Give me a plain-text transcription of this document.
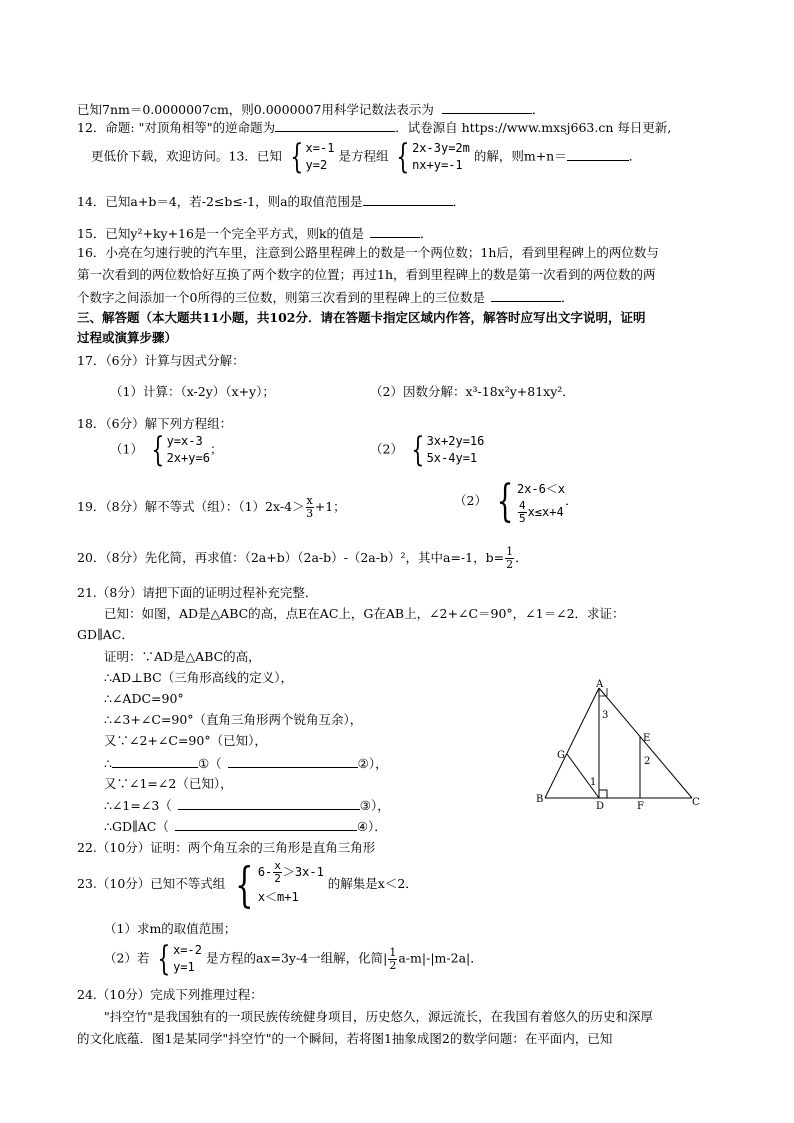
已知7nm＝0.0000007cm，则0.0000007用科学记数法表示为	．
12．命题: "对顶角相等"的逆命题为	．试卷源自 https://www.mxsj663.cn 每日更新,
更低价下载，欢迎访问。13．已知 { x=-1
y=2
是方程组 { 2x-3y=2m
nx+y=-1
的解，则m+n＝	．
14．已知a+b＝4，若-2≤b≤-1，则a的取值范围是	．
15．已知y²+ky+16是一个完全平方式，则k的值是	．
16．小亮在匀速行驶的汽车里，注意到公路里程碑上的数是一个两位数；1h后，看到里程碑上的两位数与
第一次看到的两位数恰好互换了两个数字的位置；再过1h，看到里程碑上的数是第一次看到的两位数的两
个数字之间添加一个0所得的三位数，则第三次看到的里程碑上的三位数是	．
三、解答题（本大题共11小题，共102分．请在答题卡指定区域内作答，解答时应写出文字说明，证明
过程或演算步骤）
17．（6分）计算与因式分解：
（1）计算：（x-2y）（x+y）；	（2）因数分解：x³-18x²y+81xy²．
18．（6分）解下列方程组：
（1） { y=x-3
2x+y=6
；	（2） { 3x+2y=16
5x-4y=1
19．（8分）解不等式（组）：$(1)2x-4> \frac{x}{3} +1$；	（2） { 2x-6＜x
$\frac{4}{5} x\le x+4$
．
20．（8分）先化简，再求值：（2a+b）（2a-b）-（2a-b）²，其中a=-1，$b= \frac{1}{2}$ ．
21.（8分）请把下面的证明过程补充完整．
已知：如图，AD是△ABC的高，点E在AC上，G在AB上，∠2+∠C＝90°，∠1＝∠2．求证：
GD∥AC．
证明：∵AD是△ABC的高，
∴AD⊥BC（三角形高线的定义），
∴∠ADC=90°
∴∠3+∠C=90°（直角三角形两个锐角互余），
又∵∠2+∠C=90°（已知），
∴	①（	②），
又∵∠1=∠2（已知），
∴∠1=∠3（	③），
∴GD∥AC（	④）．
A
B	C
D
E
F
G
1
2
3
22.（10分）证明：两个角互余的三角形是直角三角形
23.（10分）已知不等式组 { $6- \frac{x}{2} >3x-1$
x＜m+1
的解集是x＜2．
（1）求m的取值范围；
（2）若 { x=-2
y=1
是方程的ax=3y-4一组解，化简| $\frac{1}{2} a-m|-|m-2a|$．
24.（10分）完成下列推理过程：
"抖空竹"是我国独有的一项民族传统健身项目，历史悠久，源远流长，在我国有着悠久的历史和深厚
的文化底蕴．图1是某同学"抖空竹"的一个瞬间，若将图1抽象成图2的数学问题：在平面内，已知
